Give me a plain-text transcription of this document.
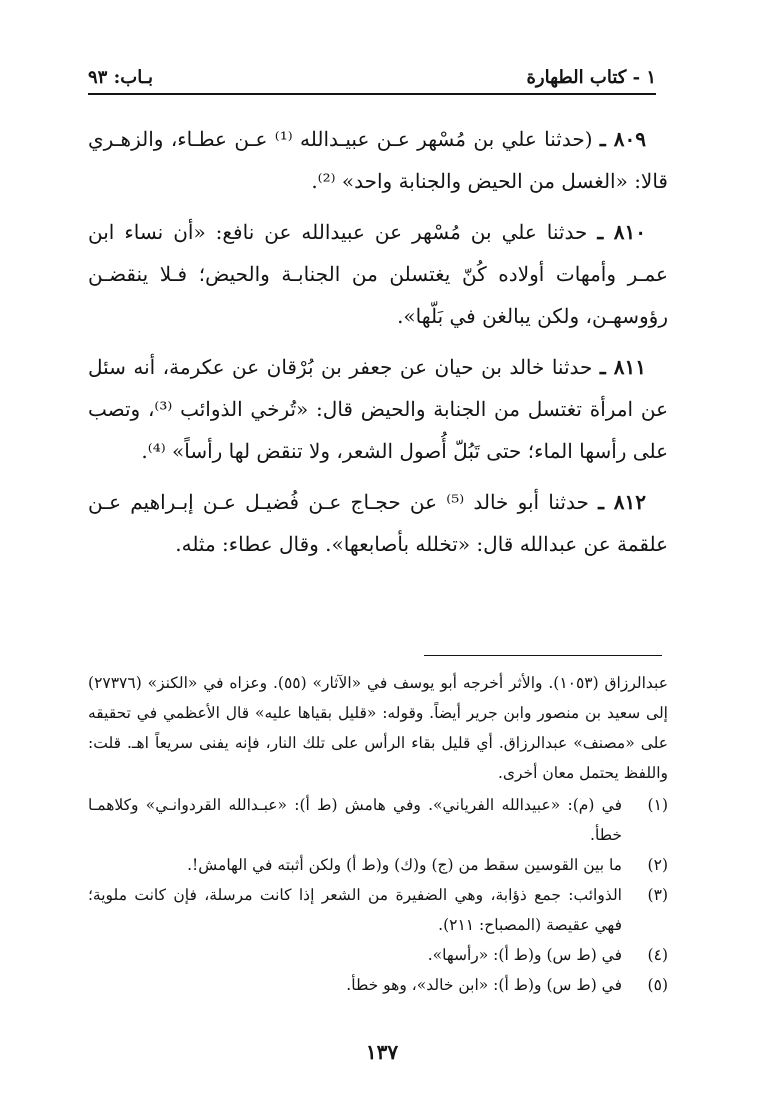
١ - كتاب الطهارة
بـاب: ٩٣

٨٠٩ ـ (حدثنا علي بن مُسْهر عـن عبيـدالله ⁽¹⁾ عـن عطـاء، والزهـري قالا: «الغسل من الحيض والجنابة واحد» ⁽²⁾.

٨١٠ ـ حدثنا علي بن مُسْهر عن عبيدالله عن نافع: «أن نساء ابن عمـر وأمهات أولاده كُنّ يغتسلن من الجنابـة والحيض؛ فـلا ينقضـن رؤوسهـن، ولكن يبالغن في بَلّها».

٨١١ ـ حدثنا خالد بن حيان عن جعفر بن بُرْقان عن عكرمة، أنه سئل عن امرأة تغتسل من الجنابة والحيض قال: «تُرخي الذوائب ⁽³⁾، وتصب على رأسها الماء؛ حتى تَبُلّ أُصول الشعر، ولا تنقض لها رأساً» ⁽⁴⁾.

٨١٢ ـ حدثنا أبو خالد ⁽⁵⁾ عن حجـاج عـن فُضيـل عـن إبـراهيم عـن علقمة عن عبدالله قال: «تخلله بأصابعها». وقال عطاء: مثله.

عبدالرزاق (١٠٥٣). والأثر أخرجه أبو يوسف في «الآثار» (٥٥). وعزاه في «الكنز» (٢٧٣٧٦) إلى سعيد بن منصور وابن جرير أيضاً. وقوله: «قليل بقياها عليه» قال الأعظمي في تحقيقه على «مصنف» عبدالرزاق. أي قليل بقاء الرأس على تلك النار، فإنه يفنى سريعاً اهـ. قلت: واللفظ يحتمل معان أخرى.

(١)
في (م): «عبيدالله الفرياني». وفي هامش (ط أ): «عبـدالله القردوانـي» وكلاهمـا خطأ.
(٢)
ما بين القوسين سقط من (ج) و(ك) و(ط أ) ولكن أثبته في الهامش!.
(٣)
الذوائب: جمع ذؤابة، وهي الضفيرة من الشعر إذا كانت مرسلة، فإن كانت ملوية؛ فهي عقيصة (المصباح: ٢١١).
(٤)
في (ط س) و(ط أ): «رأسها».
(٥)
في (ط س) و(ط أ): «ابن خالد»، وهو خطأ.
١٣٧
